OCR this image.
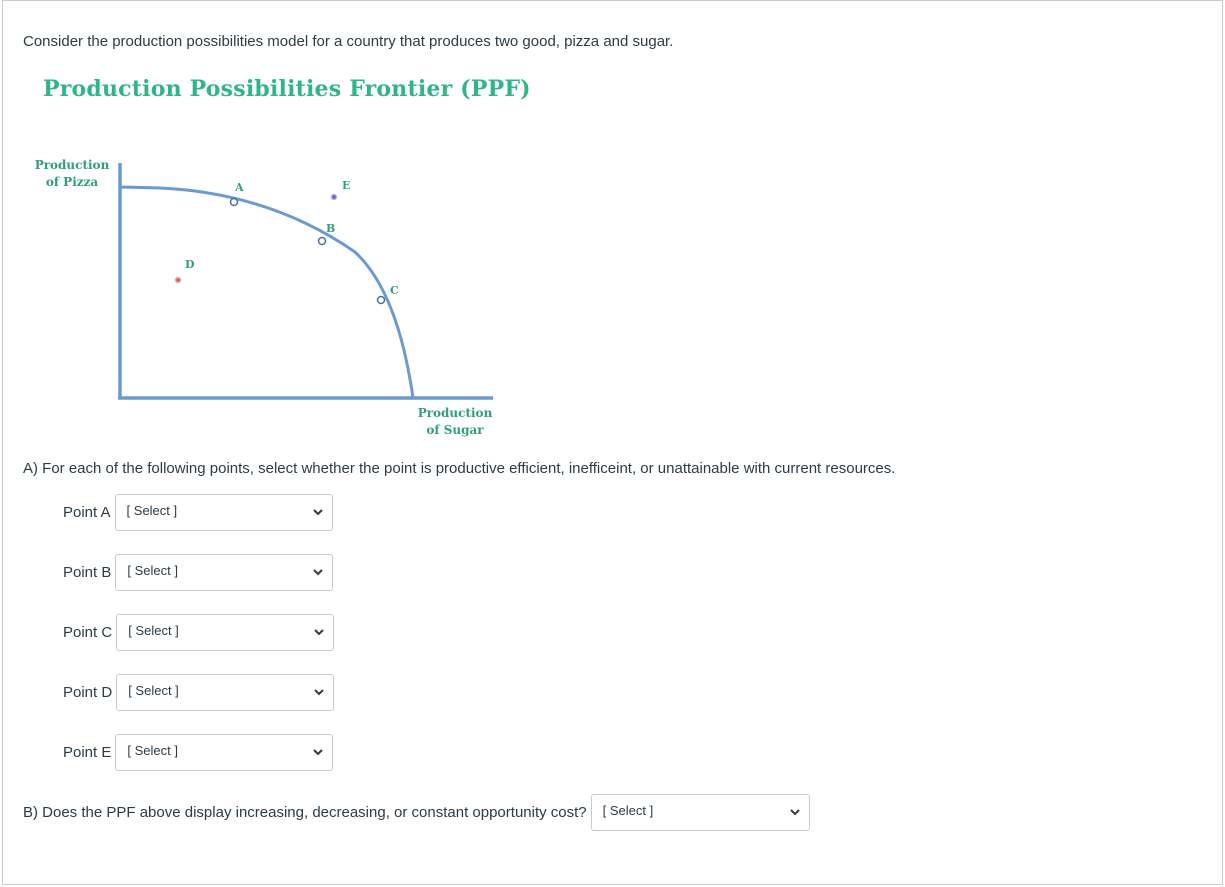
Consider the production possibilities model for a country that produces two good, pizza and sugar.
Production Possibilities Frontier (PPF)
Production
of Pizza
Production
of Sugar
A
B
C
D
E
A) For each of the following points, select whether the point is productive efficient, inefficeint, or unattainable with current resources.
Point A [ Select ]
Point B [ Select ]
Point C [ Select ]
Point D [ Select ]
Point E [ Select ]
B) Does the PPF above display increasing, decreasing, or constant opportunity cost? [ Select ]
